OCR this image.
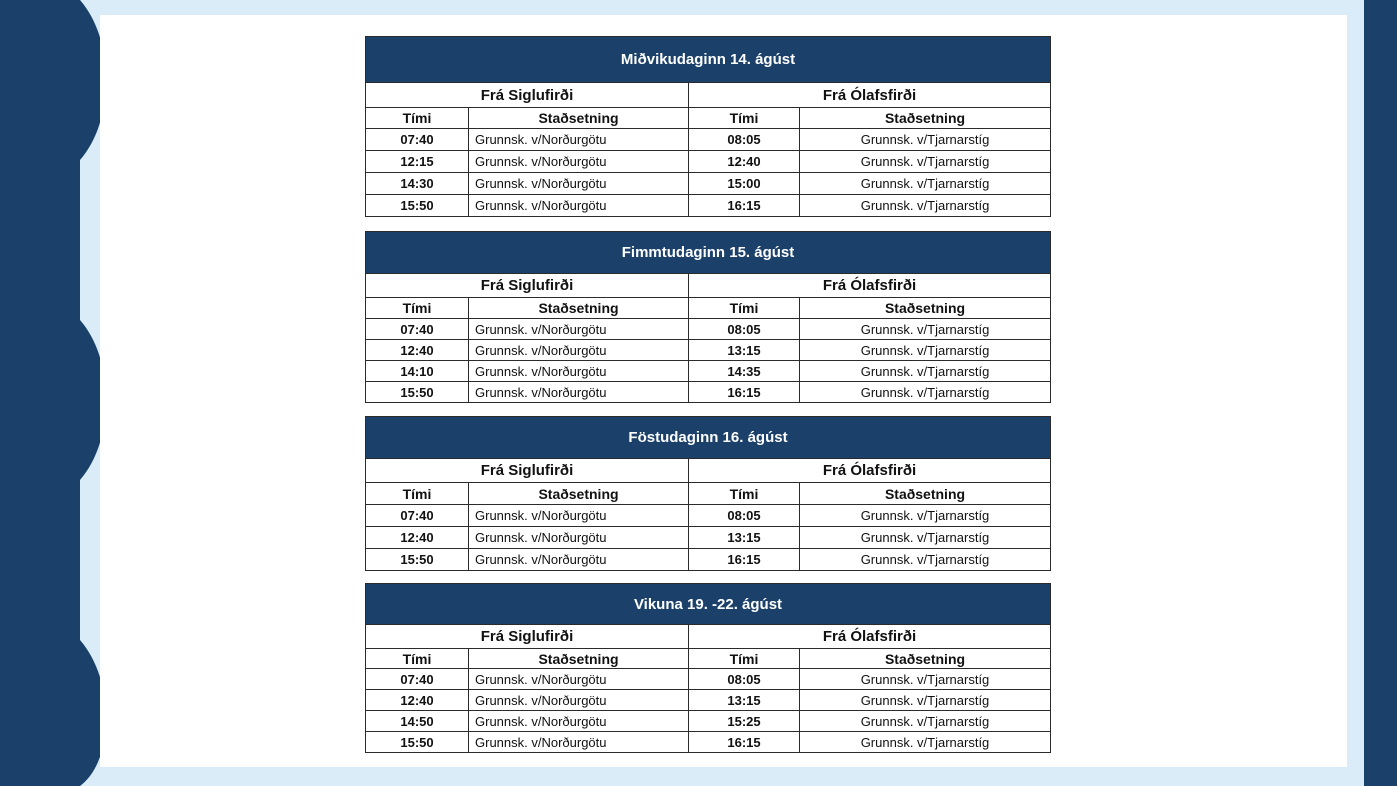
Miðvikudaginn 14. ágúst			
Frá Siglufirði		Frá Ólafsfirði	
Tími	Staðsetning	Tími	Staðsetning
07:40	Grunnsk. v/Norðurgötu	08:05	Grunnsk. v/Tjarnarstíg
12:15	Grunnsk. v/Norðurgötu	12:40	Grunnsk. v/Tjarnarstíg
14:30	Grunnsk. v/Norðurgötu	15:00	Grunnsk. v/Tjarnarstíg
15:50	Grunnsk. v/Norðurgötu	16:15	Grunnsk. v/Tjarnarstíg
Fimmtudaginn 15. ágúst			
Frá Siglufirði		Frá Ólafsfirði	
Tími	Staðsetning	Tími	Staðsetning
07:40	Grunnsk. v/Norðurgötu	08:05	Grunnsk. v/Tjarnarstíg
12:40	Grunnsk. v/Norðurgötu	13:15	Grunnsk. v/Tjarnarstíg
14:10	Grunnsk. v/Norðurgötu	14:35	Grunnsk. v/Tjarnarstíg
15:50	Grunnsk. v/Norðurgötu	16:15	Grunnsk. v/Tjarnarstíg
Föstudaginn 16. ágúst			
Frá Siglufirði		Frá Ólafsfirði	
Tími	Staðsetning	Tími	Staðsetning
07:40	Grunnsk. v/Norðurgötu	08:05	Grunnsk. v/Tjarnarstíg
12:40	Grunnsk. v/Norðurgötu	13:15	Grunnsk. v/Tjarnarstíg
15:50	Grunnsk. v/Norðurgötu	16:15	Grunnsk. v/Tjarnarstíg
Vikuna 19. -22. ágúst			
Frá Siglufirði		Frá Ólafsfirði	
Tími	Staðsetning	Tími	Staðsetning
07:40	Grunnsk. v/Norðurgötu	08:05	Grunnsk. v/Tjarnarstíg
12:40	Grunnsk. v/Norðurgötu	13:15	Grunnsk. v/Tjarnarstíg
14:50	Grunnsk. v/Norðurgötu	15:25	Grunnsk. v/Tjarnarstíg
15:50	Grunnsk. v/Norðurgötu	16:15	Grunnsk. v/Tjarnarstíg
